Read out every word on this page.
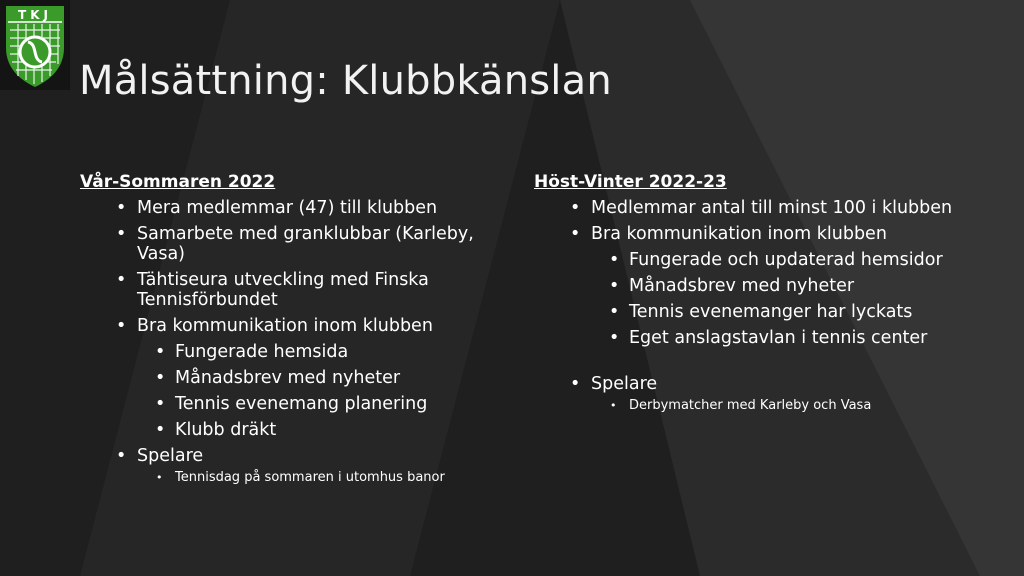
TKJ
Målsättning: Klubbkänslan
Vår-Sommaren 2022
• Mera medlemmar (47) till klubben
• Samarbete med granklubbar (Karleby, Vasa)
• Tähtiseura utveckling med Finska Tennisförbundet
• Bra kommunikation inom klubben
• Fungerade hemsida
• Månadsbrev med nyheter
• Tennis evenemang planering
• Klubb dräkt
• Spelare
• Tennisdag på sommaren i utomhus banor
Höst-Vinter 2022-23
• Medlemmar antal till minst 100 i klubben
• Bra kommunikation inom klubben
• Fungerade och updaterad hemsidor
• Månadsbrev med nyheter
• Tennis evenemanger har lyckats
• Eget anslagstavlan i tennis center
• Spelare
• Derbymatcher med Karleby och Vasa
